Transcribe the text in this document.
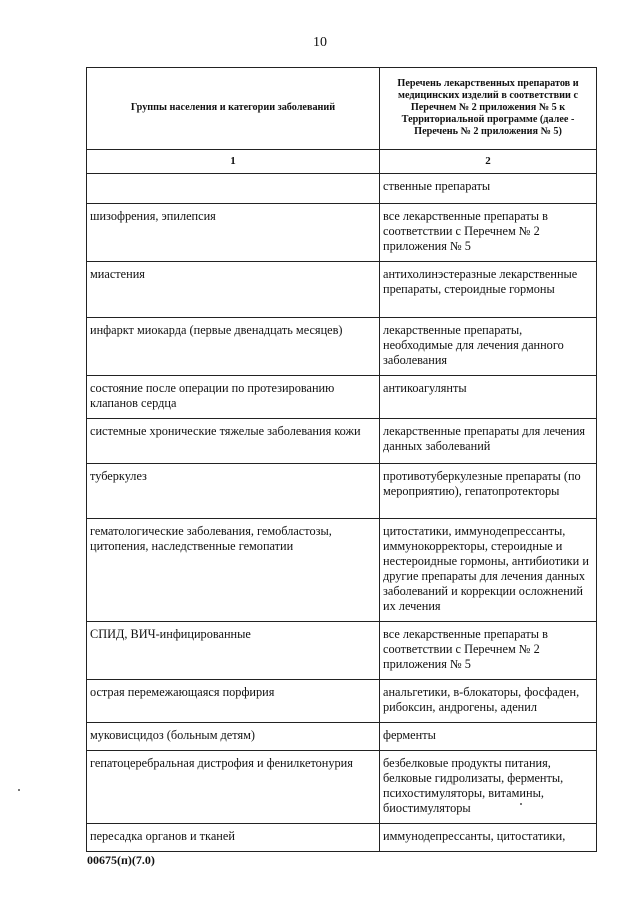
10
Группы населения и категории заболеваний	Перечень лекарственных препаратов и медицинских изделий в соответствии с Перечнем № 2 приложения № 5 к Территориальной программе (далее - Перечень № 2 приложения № 5)
1	2
	ственные препараты
шизофрения, эпилепсия	все лекарственные препараты в соответствии с Перечнем № 2 приложения № 5
миастения	антихолинэстеразные лекарственные препараты, стероидные гормоны
инфаркт миокарда (первые двенадцать месяцев)	лекарственные препараты, необходимые для лечения данного заболевания
состояние после операции по протезированию клапанов сердца	антикоагулянты
системные хронические тяжелые заболевания кожи	лекарственные препараты для лечения данных заболеваний
туберкулез	противотуберкулезные препараты (по мероприятию), гепатопротекторы
гематологические заболевания, гемобластозы, цитопения, наследственные гемопатии	цитостатики, иммунодепрессанты, иммунокорректоры, стероидные и нестероидные гормоны, антибиотики и другие препараты для лечения данных заболеваний и коррекции осложнений их лечения
СПИД, ВИЧ-инфицированные	все лекарственные препараты в соответствии с Перечнем № 2 приложения № 5
острая перемежающаяся порфирия	анальгетики, в-блокаторы, фосфаден, рибоксин, андрогены, аденил
муковисцидоз (больным детям)	ферменты
гепатоцеребральная дистрофия и фенилкетонурия	безбелковые продукты питания, белковые гидролизаты, ферменты, психостимуляторы, витамины, биостимуляторы
пересадка органов и тканей	иммунодепрессанты, цитостатики,
00675(п)(7.0)
